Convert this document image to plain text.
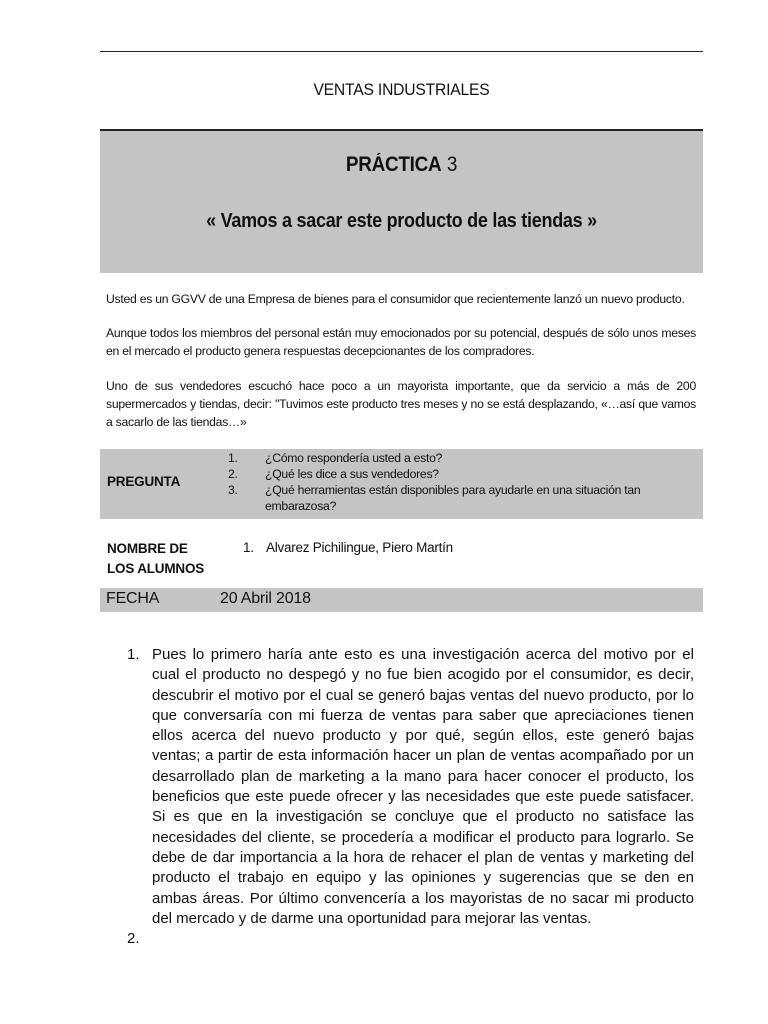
VENTAS INDUSTRIALES
PRÁCTICA 3
« Vamos a sacar este producto de las tiendas »

Usted es un GGVV de una Empresa de bienes para el consumidor que recientemente lanzó un nuevo producto.

Aunque todos los miembros del personal están muy emocionados por su potencial, después de sólo unos meses en el mercado el producto genera respuestas decepcionantes de los compradores.

Uno de sus vendedores escuchó hace poco a un mayorista importante, que da servicio a más de 200 supermercados y tiendas, decir: "Tuvimos este producto tres meses y no se está desplazando, «…así que vamos a sacarlo de las tiendas…»

PREGUNTA
1. ¿Cómo respondería usted a esto?
2. ¿Qué les dice a sus vendedores?
3. ¿Qué herramientas están disponibles para ayudarle en una situación tan embarazosa?
NOMBRE DE LOS ALUMNOS
1. Alvarez Pichilingue, Piero Martín
FECHA	20 Abril 2018
1. Pues lo primero haría ante esto es una investigación acerca del motivo por el cual el producto no despegó y no fue bien acogido por el consumidor, es decir, descubrir el motivo por el cual se generó bajas ventas del nuevo producto, por lo que conversaría con mi fuerza de ventas para saber que apreciaciones tienen ellos acerca del nuevo producto y por qué, según ellos, este generó bajas ventas; a partir de esta información hacer un plan de ventas acompañado por un desarrollado plan de marketing a la mano para hacer conocer el producto, los beneficios que este puede ofrecer y las necesidades que este puede satisfacer. Si es que en la investigación se concluye que el producto no satisface las necesidades del cliente, se procedería a modificar el producto para lograrlo. Se debe de dar importancia a la hora de rehacer el plan de ventas y marketing del producto el trabajo en equipo y las opiniones y sugerencias que se den en ambas áreas. Por último convencería a los mayoristas de no sacar mi producto del mercado y de darme una oportunidad para mejorar las ventas.
2.
